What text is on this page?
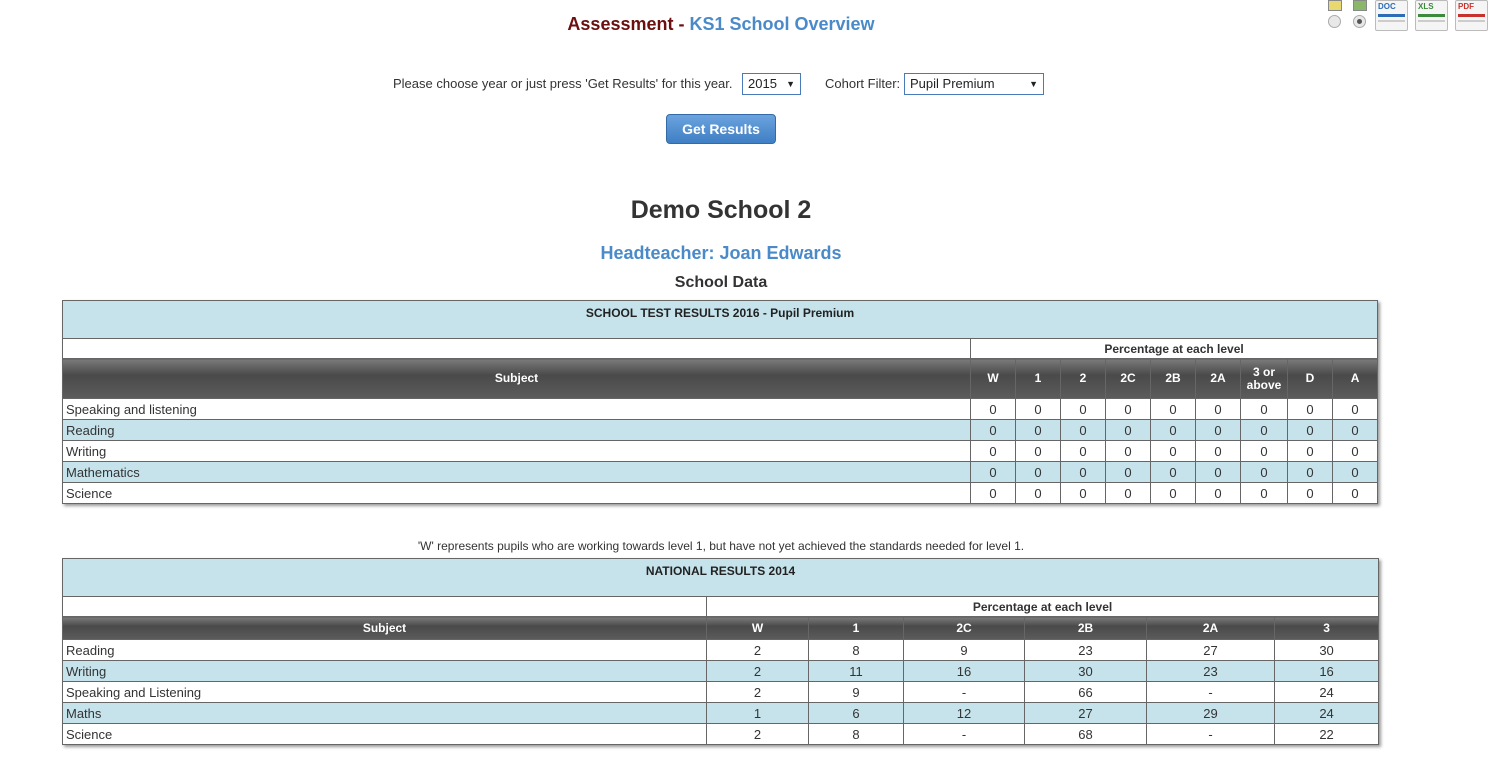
Assessment - KS1 School Overview
DOC	XLS	PDF
Please choose year or just press 'Get Results' for this year.	2015 ▼ Cohort Filter: Pupil Premium	▼
Get Results
Demo School 2
Headteacher: Joan Edwards
School Data
SCHOOL TEST RESULTS 2016 - Pupil Premium									
	Percentage at each level								
Subject	W	1	2	2C	2B	2A	3 or above	D	A
Speaking and listening	0	0	0	0	0	0	0	0	0
Reading	0	0	0	0	0	0	0	0	0
Writing	0	0	0	0	0	0	0	0	0
Mathematics	0	0	0	0	0	0	0	0	0
Science	0	0	0	0	0	0	0	0	0
'W' represents pupils who are working towards level 1, but have not yet achieved the standards needed for level 1.
NATIONAL RESULTS 2014						
	Percentage at each level					
Subject	W	1	2C	2B	2A	3
Reading	2	8	9	23	27	30
Writing	2	11	16	30	23	16
Speaking and Listening	2	9	-	66	-	24
Maths	1	6	12	27	29	24
Science	2	8	-	68	-	22
